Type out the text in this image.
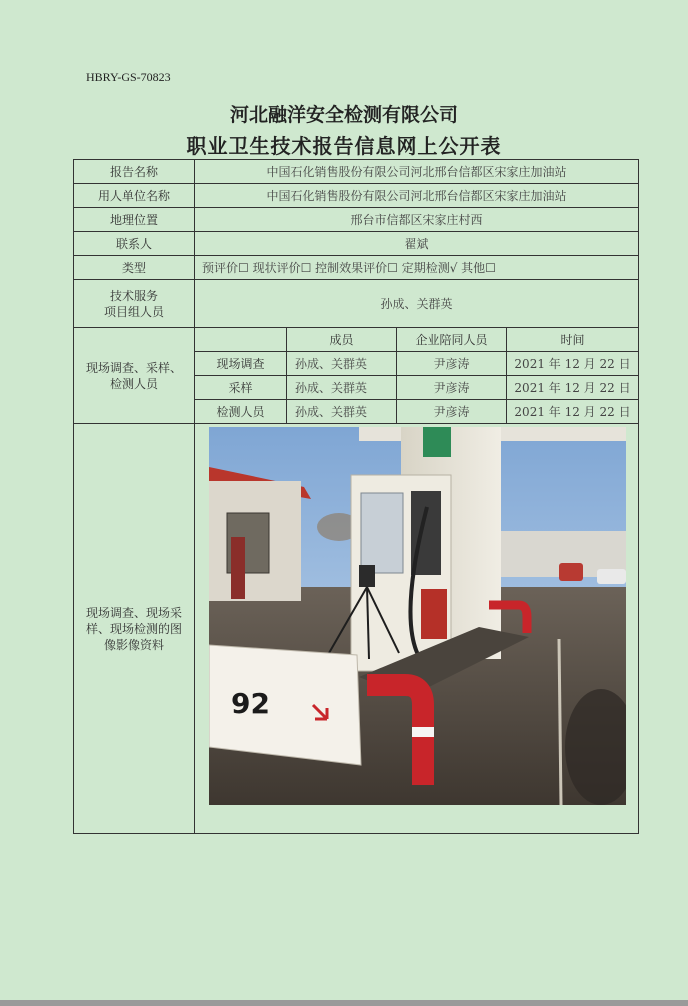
HBRY-GS-70823
河北融洋安全检测有限公司
职业卫生技术报告信息网上公开表
报告名称	中国石化销售股份有限公司河北邢台信都区宋家庄加油站			
用人单位名称	中国石化销售股份有限公司河北邢台信都区宋家庄加油站			
地理位置	邢台市信都区宋家庄村西			
联系人	翟斌			
类型	预评价☐ 现状评价☐ 控制效果评价☐ 定期检测√ 其他☐			

技术服务
项目组人员	孙成、关群英			

现场调查、采样、
检测人员		成员	企业陪同人员	时间
	现场调查	孙成、关群英	尹彦涛	2021 年 12 月 22 日
	采样	孙成、关群英	尹彦涛	2021 年 12 月 22 日
	检测人员	孙成、关群英	尹彦涛	2021 年 12 月 22 日

现场调查、现场采
样、现场检测的图
像影像资料	92			
